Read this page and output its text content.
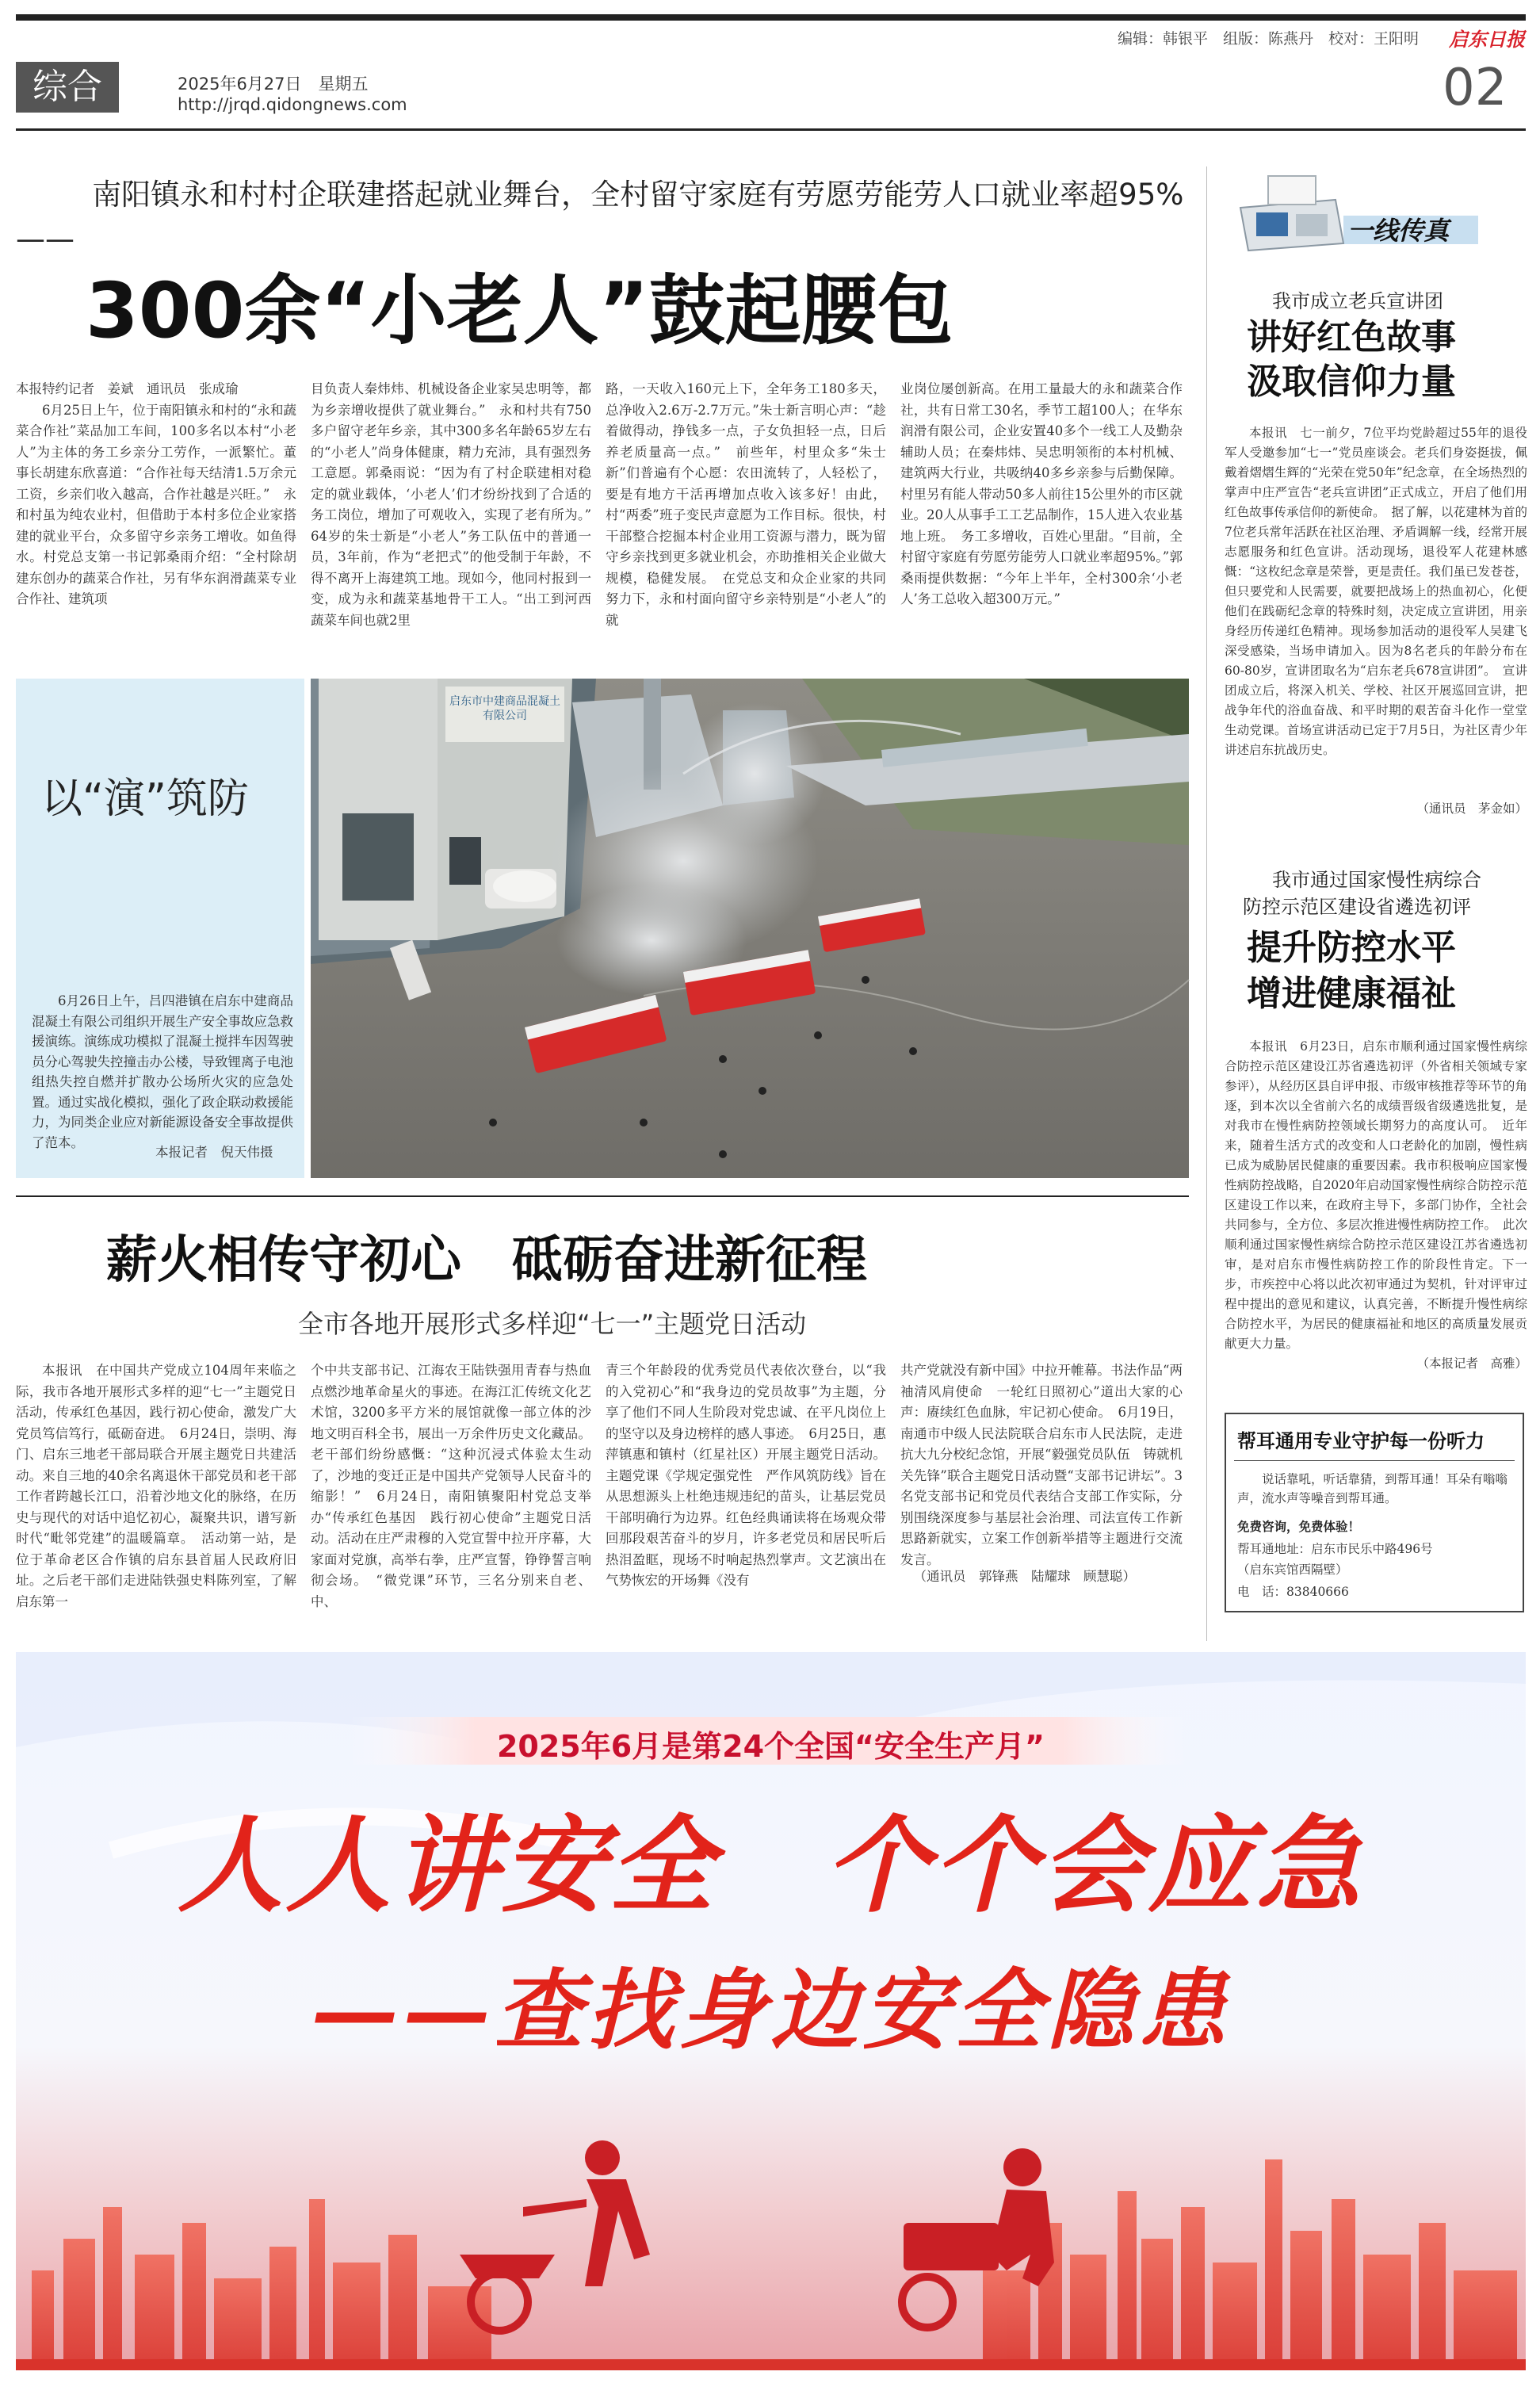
编辑：韩银平　组版：陈燕丹　校对：王阳明	启东日报
综合	2025年6月27日　星期五
http://jrqd.qidongnews.com	02
南阳镇永和村村企联建搭起就业舞台，全村留守家庭有劳愿劳能劳人口就业率超95%——
300余“小老人”鼓起腰包

本报特约记者　姜斌　通讯员　张成瑜

6月25日上午，位于南阳镇永和村的“永和蔬菜合作社”菜品加工车间，100多名以本村“小老人”为主体的务工乡亲分工劳作，一派繁忙。董事长胡建东欣喜道：“合作社每天结清1.5万余元工资，乡亲们收入越高，合作社越是兴旺。”　永和村虽为纯农业村，但借助于本村多位企业家搭建的就业平台，众多留守乡亲务工增收。如鱼得水。村党总支第一书记郭桑雨介绍：“全村除胡建东创办的蔬菜合作社，另有华东润滑蔬菜专业合作社、建筑项

目负责人秦炜炜、机械设备企业家吴忠明等，都为乡亲增收提供了就业舞台。”　永和村共有750多户留守老年乡亲，其中300多名年龄65岁左右的“小老人”尚身体健康，精力充沛，具有强烈务工意愿。郭桑雨说：“因为有了村企联建相对稳定的就业载体，‘小老人’们才纷纷找到了合适的务工岗位，增加了可观收入，实现了老有所为。”　64岁的朱士新是“小老人”务工队伍中的普通一员，3年前，作为“老把式”的他受制于年龄，不得不离开上海建筑工地。现如今，他同村报到一变，成为永和蔬菜基地骨干工人。“出工到河西蔬菜车间也就2里

路，一天收入160元上下，全年务工180多天，总净收入2.6万-2.7万元。”朱士新言明心声：“趁着做得动，挣钱多一点，子女负担轻一点，日后养老质量高一点。”　前些年，村里众多“朱士新”们普遍有个心愿：农田流转了，人轻松了，要是有地方干活再增加点收入该多好！由此，村“两委”班子变民声意愿为工作目标。很快，村干部整合挖掘本村企业用工资源与潜力，既为留守乡亲找到更多就业机会，亦助推相关企业做大规模，稳健发展。　在党总支和众企业家的共同努力下，永和村面向留守乡亲特别是“小老人”的就

业岗位屡创新高。在用工量最大的永和蔬菜合作社，共有日常工30名，季节工超100人；在华东润滑有限公司，企业安置40多个一线工人及勤杂辅助人员；在秦炜炜、吴忠明领衔的本村机械、建筑两大行业，共吸纳40多乡亲参与后勤保障。村里另有能人带动50多人前往15公里外的市区就业。20人从事手工工艺品制作，15人进入农业基地上班。　务工多增收，百姓心里甜。“目前，全村留守家庭有劳愿劳能劳人口就业率超95%。”郭桑雨提供数据：“今年上半年，全村300余‘小老人’务工总收入超300万元。”

以“演”筑防
6月26日上午，吕四港镇在启东中建商品混凝土有限公司组织开展生产安全事故应急救援演练。演练成功模拟了混凝土搅拌车因驾驶员分心驾驶失控撞击办公楼，导致锂离子电池组热失控自燃并扩散办公场所火灾的应急处置。通过实战化模拟，强化了政企联动救援能力，为同类企业应对新能源设备安全事故提供了范本。
本报记者　倪天伟摄
启东市中建商品混凝土有限公司
薪火相传守初心　砥砺奋进新征程
全市各地开展形式多样迎“七一”主题党日活动

本报讯　在中国共产党成立104周年来临之际，我市各地开展形式多样的迎“七一”主题党日活动，传承红色基因，践行初心使命，激发广大党员笃信笃行，砥砺奋进。　6月24日，崇明、海门、启东三地老干部局联合开展主题党日共建活动。来自三地的40余名离退休干部党员和老干部工作者跨越长江口，沿着沙地文化的脉络，在历史与现代的对话中追忆初心，凝聚共识，谱写新时代“毗邻党建”的温暖篇章。　活动第一站，是位于革命老区合作镇的启东县首届人民政府旧址。之后老干部们走进陆铁强史料陈列室，了解启东第一

个中共支部书记、江海农王陆铁强用青春与热血点燃沙地革命星火的事迹。在海江汇传统文化艺术馆，3200多平方米的展馆就像一部立体的沙地文明百科全书，展出一万余件历史文化藏品。老干部们纷纷感慨：“这种沉浸式体验太生动了，沙地的变迁正是中国共产党领导人民奋斗的缩影！”　6月24日，南阳镇聚阳村党总支举办“传承红色基因　践行初心使命”主题党日活动。活动在庄严肃穆的入党宣誓中拉开序幕，大家面对党旗，高举右拳，庄严宣誓，铮铮誓言响彻会场。　“微党课”环节，三名分别来自老、中、

青三个年龄段的优秀党员代表依次登台，以“我的入党初心”和“我身边的党员故事”为主题，分享了他们不同人生阶段对党忠诚、在平凡岗位上的坚守以及身边榜样的感人事迹。　6月25日，惠萍镇惠和镇村（红星社区）开展主题党日活动。主题党课《学规定强党性　严作风筑防线》旨在从思想源头上杜绝违规违纪的苗头，让基层党员干部明确行为边界。红色经典诵读将在场观众带回那段艰苦奋斗的岁月，许多老党员和居民听后热泪盈眶，现场不时响起热烈掌声。文艺演出在气势恢宏的开场舞《没有

共产党就没有新中国》中拉开帷幕。书法作品“两袖清风肩使命　一轮红日照初心”道出大家的心声：赓续红色血脉，牢记初心使命。　6月19日，南通市中级人民法院联合启东市人民法院，走进抗大九分校纪念馆，开展“毅强党员队伍　铸就机关先锋”联合主题党日活动暨“支部书记讲坛”。3名党支部书记和党员代表结合支部工作实际，分别围绕深度参与基层社会治理、司法宣传工作新思路新就实，立案工作创新举措等主题进行交流发言。

（通讯员　郭锋燕　陆耀球　顾慧聪）

一线传真
我市成立老兵宣讲团
讲好红色故事
汲取信仰力量

本报讯　七一前夕，7位平均党龄超过55年的退役军人受邀参加“七一”党员座谈会。老兵们身姿挺拔，佩戴着熠熠生辉的“光荣在党50年”纪念章，在全场热烈的掌声中庄严宣告“老兵宣讲团”正式成立，开启了他们用红色故事传承信仰的新使命。　据了解，以花建林为首的7位老兵常年活跃在社区治理、矛盾调解一线，经常开展志愿服务和红色宣讲。活动现场，退役军人花建林感慨：“这枚纪念章是荣誉，更是责任。我们虽已发苍苍，但只要党和人民需要，就要把战场上的热血初心，化便他们在践砺纪念章的特殊时刻，决定成立宣讲团，用亲身经历传递红色精神。现场参加活动的退役军人吴建飞深受感染，当场申请加入。因为8名老兵的年龄分布在60-80岁，宣讲团取名为“启东老兵678宣讲团”。　宣讲团成立后，将深入机关、学校、社区开展巡回宣讲，把战争年代的浴血奋战、和平时期的艰苦奋斗化作一堂堂生动党课。首场宣讲活动已定于7月5日，为社区青少年讲述启东抗战历史。

（通讯员　茅金如）

我市通过国家慢性病综合
防控示范区建设省遴选初评
提升防控水平
增进健康福祉

本报讯　6月23日，启东市顺利通过国家慢性病综合防控示范区建设江苏省遴选初评（外省相关领域专家参评），从经历区县自评申报、市级审核推荐等环节的角逐，到本次以全省前六名的成绩晋级省级遴选批复，是对我市在慢性病防控领域长期努力的高度认可。　近年来，随着生活方式的改变和人口老龄化的加剧，慢性病已成为威胁居民健康的重要因素。我市积极响应国家慢性病防控战略，自2020年启动国家慢性病综合防控示范区建设工作以来，在政府主导下，多部门协作，全社会共同参与，全方位、多层次推进慢性病防控工作。　此次顺利通过国家慢性病综合防控示范区建设江苏省遴选初审，是对启东市慢性病防控工作的阶段性肯定。下一步，市疾控中心将以此次初审通过为契机，针对评审过程中提出的意见和建议，认真完善，不断提升慢性病综合防控水平，为居民的健康福祉和地区的高质量发展贡献更大力量。

（本报记者　高雅）

帮耳通用专业守护每一份听力
说话靠吼，听话靠猜，到帮耳通！耳朵有嗡嗡声，流水声等噪音到帮耳通。
免费咨询，免费体验！
帮耳通地址：启东市民乐中路496号
（启东宾馆西隔壁）
电　话：83840666
2025年6月是第24个全国“安全生产月”
人人讲安全　个个会应急
——查找身边安全隐患
